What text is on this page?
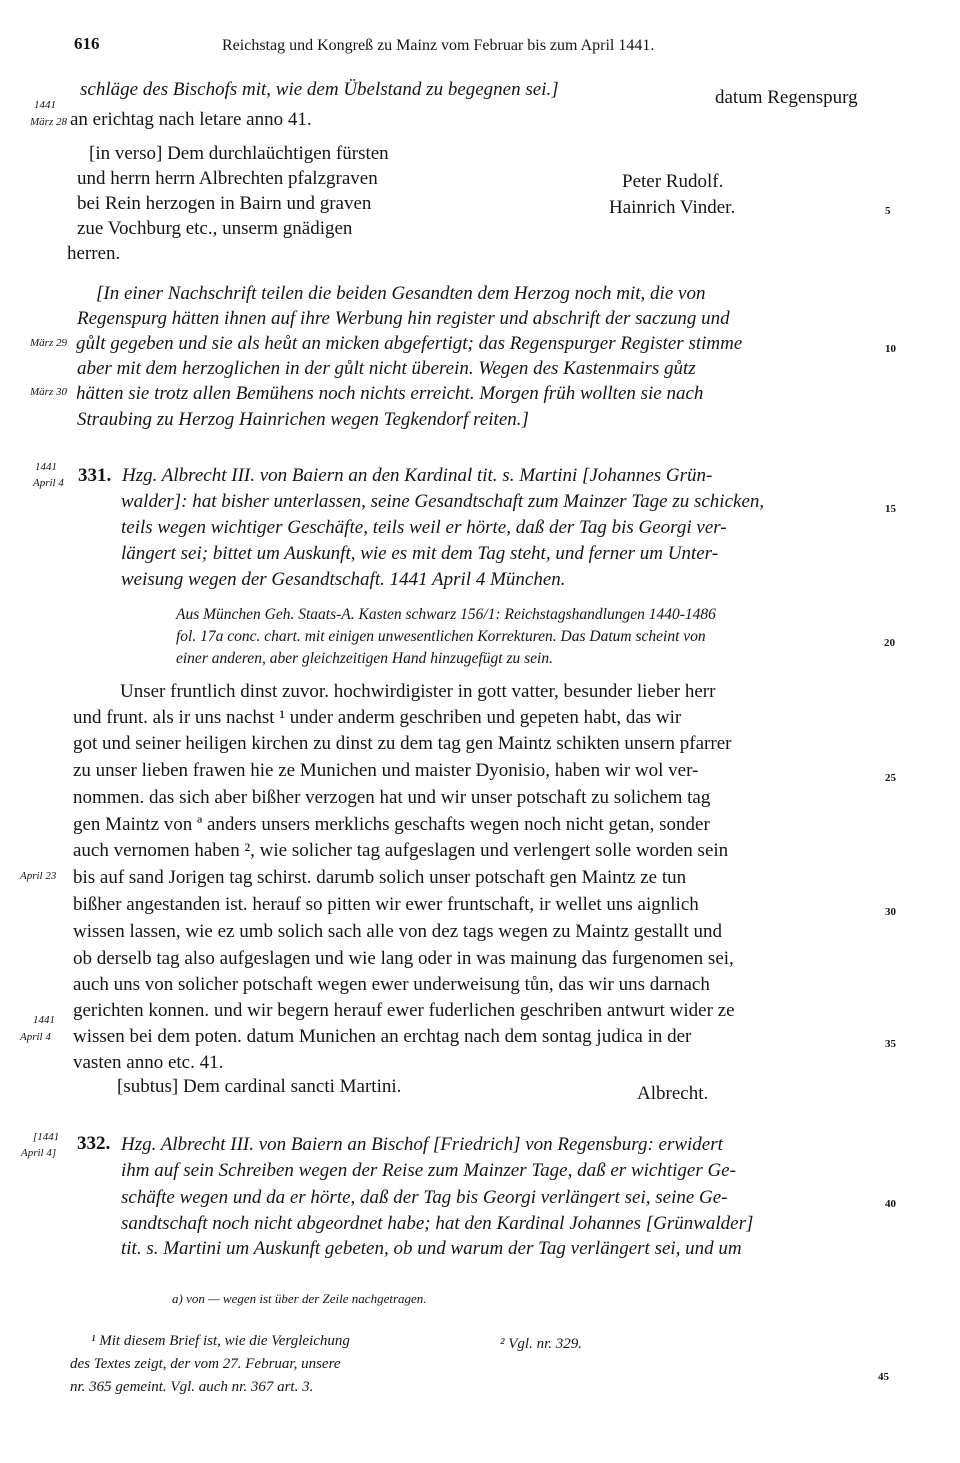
616	Reichstag und Kongreß zu Mainz vom Februar bis zum April 1441.
1441
März 28
schläge des Bischofs mit, wie dem Übelstand zu begegnen sei.]	datum Regenspurg
an erichtag nach letare anno 41.
[in verso] Dem durchlaüchtigen fürsten
und herrn herrn Albrechten pfalzgraven
bei Rein herzogen in Bairn und graven
zue Vochburg etc., unserm gnädigen
herren.
Peter Rudolf.
Hainrich Vinder.	5
[In einer Nachschrift teilen die beiden Gesandten dem Herzog noch mit, die von
Regenspurg hätten ihnen auf ihre Werbung hin register und abschrift der saczung und
März 29 gůlt gegeben und sie als heůt an micken abgefertigt; das Regenspurger Register stimme	10
aber mit dem herzoglichen in der gůlt nicht überein. Wegen des Kastenmairs gůtz
März 30 hätten sie trotz allen Bemühens noch nichts erreicht. Morgen früh wollten sie nach
Straubing zu Herzog Hainrichen wegen Tegkendorf reiten.]
1441
April 4 331. Hzg. Albrecht III. von Baiern an den Kardinal tit. s. Martini [Johannes Grün-
walder]: hat bisher unterlassen, seine Gesandtschaft zum Mainzer Tage zu schicken,	15
teils wegen wichtiger Geschäfte, teils weil er hörte, daß der Tag bis Georgi ver-
längert sei; bittet um Auskunft, wie es mit dem Tag steht, und ferner um Unter-
weisung wegen der Gesandtschaft. 1441 April 4 München.
Aus München Geh. Staats-A. Kasten schwarz 156/1: Reichstagshandlungen 1440-1486
fol. 17a conc. chart. mit einigen unwesentlichen Korrekturen. Das Datum scheint von	20
einer anderen, aber gleichzeitigen Hand hinzugefügt zu sein.
Unser fruntlich dinst zuvor. hochwirdigister in gott vatter, besunder lieber herr
und frunt. als ir uns nachst ¹ under anderm geschriben und gepeten habt, das wir
got und seiner heiligen kirchen zu dinst zu dem tag gen Maintz schikten unsern pfarrer
zu unser lieben frawen hie ze Munichen und maister Dyonisio, haben wir wol ver-	25
nommen. das sich aber bißher verzogen hat und wir unser potschaft zu solichem tag
gen Maintz von ª anders unsers merklichs geschafts wegen noch nicht getan, sonder
auch vernomen haben ², wie solicher tag aufgeslagen und verlengert solle worden sein
April 23 bis auf sand Jorigen tag schirst. darumb solich unser potschaft gen Maintz ze tun
bißher angestanden ist. herauf so pitten wir ewer fruntschaft, ir wellet uns aignlich	30
wissen lassen, wie ez umb solich sach alle von dez tags wegen zu Maintz gestallt und
ob derselb tag also aufgeslagen und wie lang oder in was mainung das furgenomen sei,
auch uns von solicher potschaft wegen ewer underweisung tůn, das wir uns darnach
gerichten konnen. und wir begern herauf ewer fuderlichen geschriben antwurt wider ze
1441
April 4 wissen bei dem poten. datum Munichen an erchtag nach dem sontag judica in der	35
vasten anno etc. 41.
[subtus] Dem cardinal sancti Martini.	Albrecht.
[1441
April 4] 332. Hzg. Albrecht III. von Baiern an Bischof [Friedrich] von Regensburg: erwidert
ihm auf sein Schreiben wegen der Reise zum Mainzer Tage, daß er wichtiger Ge-
schäfte wegen und da er hörte, daß der Tag bis Georgi verlängert sei, seine Ge-	40
sandtschaft noch nicht abgeordnet habe; hat den Kardinal Johannes [Grünwalder]
tit. s. Martini um Auskunft gebeten, ob und warum der Tag verlängert sei, und um
a) von — wegen ist über der Zeile nachgetragen.
¹ Mit diesem Brief ist, wie die Vergleichung
des Textes zeigt, der vom 27. Februar, unsere
nr. 365 gemeint. Vgl. auch nr. 367 art. 3.
² Vgl. nr. 329.
45
